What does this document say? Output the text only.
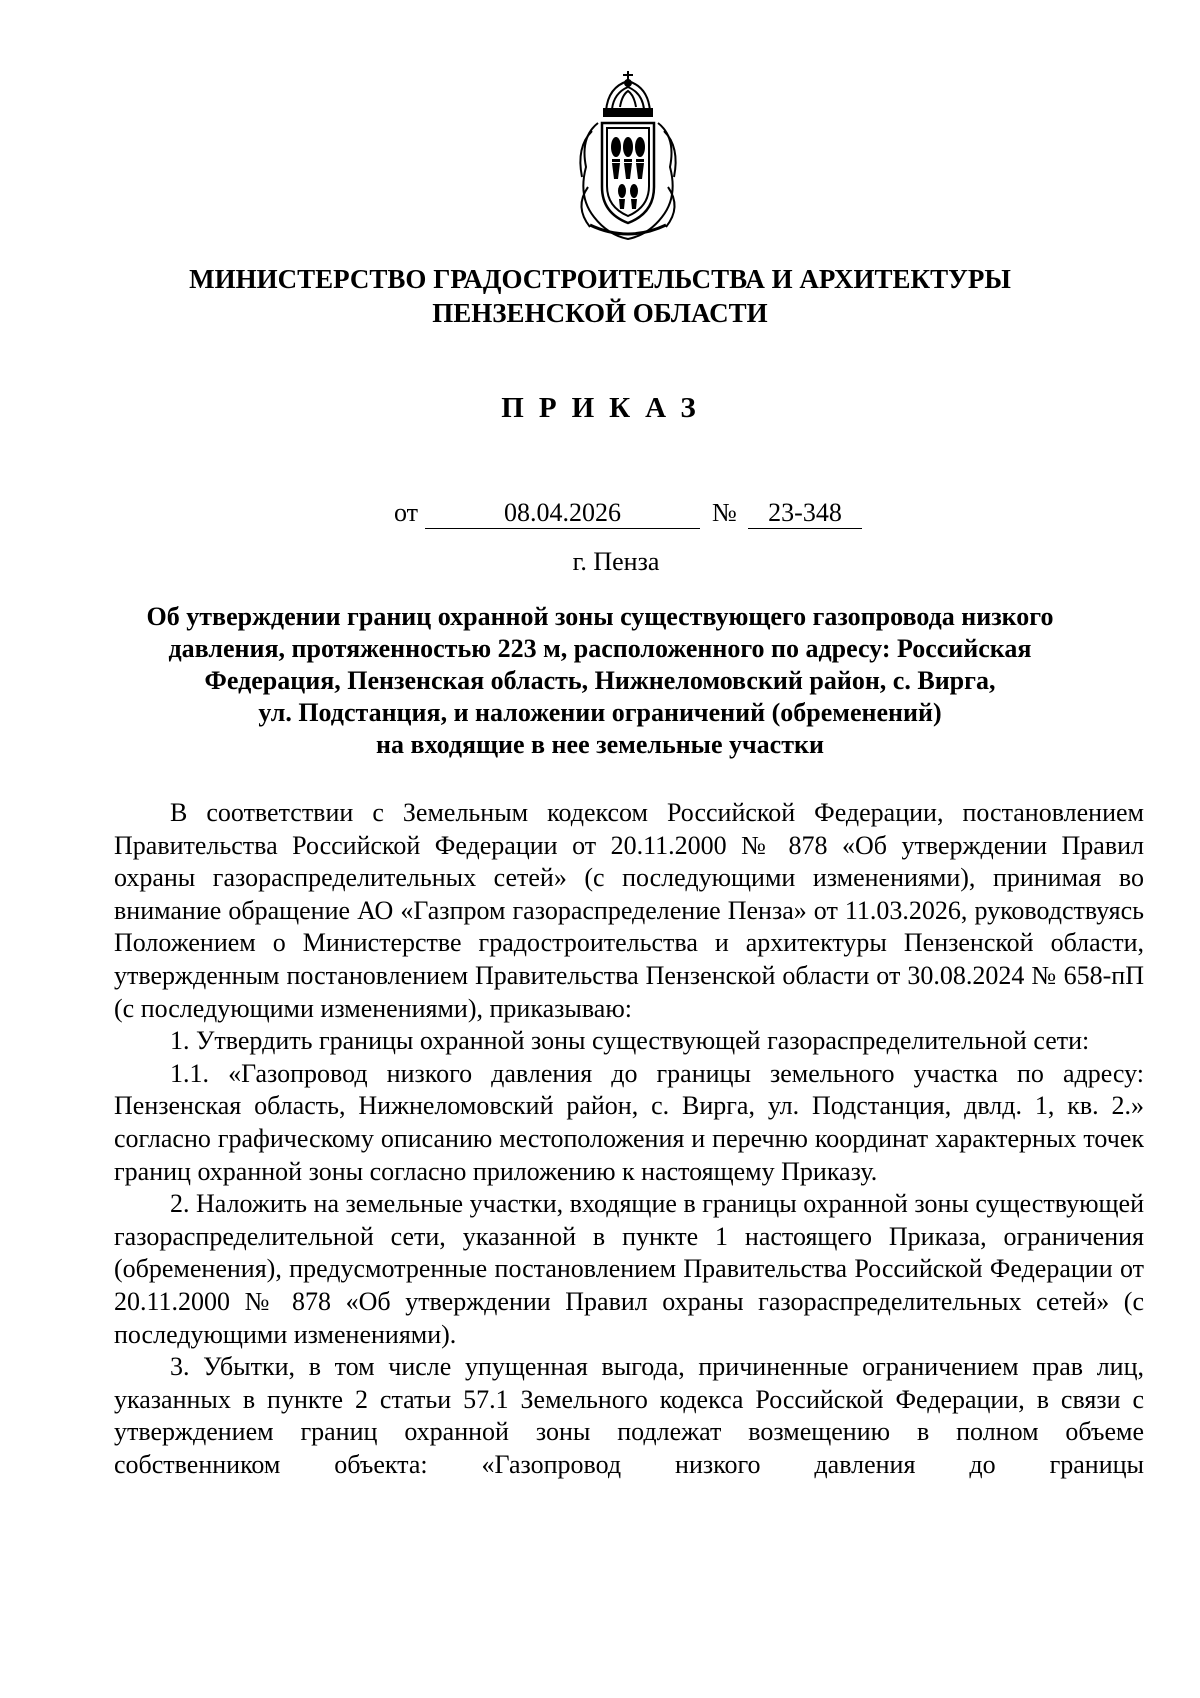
МИНИСТЕРСТВО ГРАДОСТРОИТЕЛЬСТВА И АРХИТЕКТУРЫ
ПЕНЗЕНСКОЙ ОБЛАСТИ
ПРИКАЗ
от	08.04.2026	№	23-348
г. Пенза
Об утверждении границ охранной зоны существующего газопровода низкого
давления, протяженностью 223 м, расположенного по адресу: Российская
Федерация, Пензенская область, Нижнеломовский район, с. Вирга,
ул. Подстанция, и наложении ограничений (обременений)
на входящие в нее земельные участки

В соответствии с Земельным кодексом Российской Федерации, постановлением Правительства Российской Федерации от 20.11.2000 № 878 «Об утверждении Правил охраны газораспределительных сетей» (с последующими изменениями), принимая во внимание обращение АО «Газпром газораспределение Пенза» от 11.03.2026, руководствуясь Положением о Министерстве градостроительства и архитектуры Пензенской области, утвержденным постановлением Правительства Пензенской области от 30.08.2024 № 658-пП (с последующими изменениями), приказываю:

1. Утвердить границы охранной зоны существующей газораспределительной сети:

1.1. «Газопровод низкого давления до границы земельного участка по адресу: Пензенская область, Нижнеломовский район, с. Вирга, ул. Подстанция, двлд. 1, кв. 2.» согласно графическому описанию местоположения и перечню координат характерных точек границ охранной зоны согласно приложению к настоящему Приказу.

2. Наложить на земельные участки, входящие в границы охранной зоны существующей газораспределительной сети, указанной в пункте 1 настоящего Приказа, ограничения (обременения), предусмотренные постановлением Правительства Российской Федерации от 20.11.2000 № 878 «Об утверждении Правил охраны газораспределительных сетей» (с последующими изменениями).

3. Убытки, в том числе упущенная выгода, причиненные ограничением прав лиц, указанных в пункте 2 статьи 57.1 Земельного кодекса Российской Федерации, в связи с утверждением границ охранной зоны подлежат возмещению в полном объеме собственником объекта: «Газопровод низкого давления до границы
